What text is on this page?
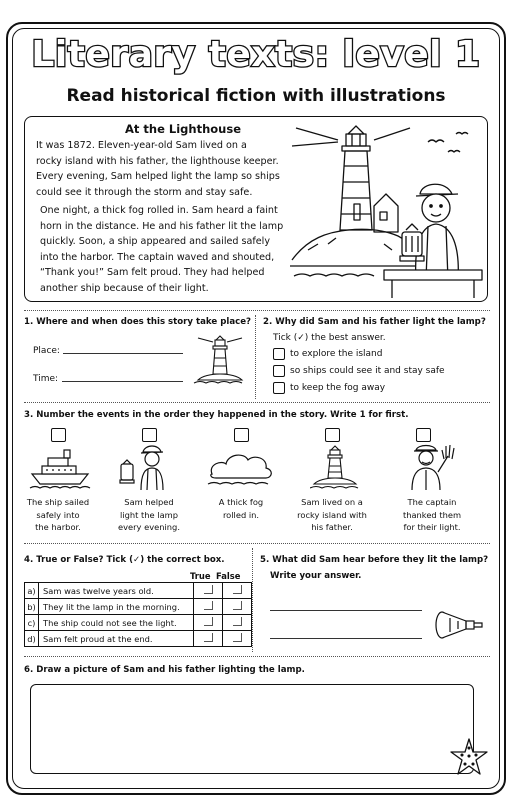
Literary texts: level 1
Read historical fiction with illustrations
At the Lighthouse
It was 1872. Eleven-year-old Sam lived on a
rocky island with his father, the lighthouse keeper.
Every evening, Sam helped light the lamp so ships
could see it through the storm and stay safe.
One night, a thick fog rolled in. Sam heard a faint
horn in the distance. He and his father lit the lamp
quickly. Soon, a ship appeared and sailed safely
into the harbor. The captain waved and shouted,
“Thank you!” Sam felt proud. They had helped
another ship because of their light.
1. Where and when does this story take place?
Place:
Time:
2. Why did Sam and his father light the lamp?
Tick (✓) the best answer.
to explore the island
so ships could see it and stay safe
to keep the fog away
3. Number the events in the order they happened in the story. Write 1 for first.
The ship sailed
safely into
the harbor.
Sam helped
light the lamp
every evening.
A thick fog
rolled in.
Sam lived on a
rocky island with
his father.
The captain
thanked them
for their light.
4. True or False? Tick (✓) the correct box.
True False
a)	Sam was twelve years old.		
b)	They lit the lamp in the morning.		
c)	The ship could not see the light.		
d)	Sam felt proud at the end.		
5. What did Sam hear before they lit the lamp?
Write your answer.
6. Draw a picture of Sam and his father lighting the lamp.
